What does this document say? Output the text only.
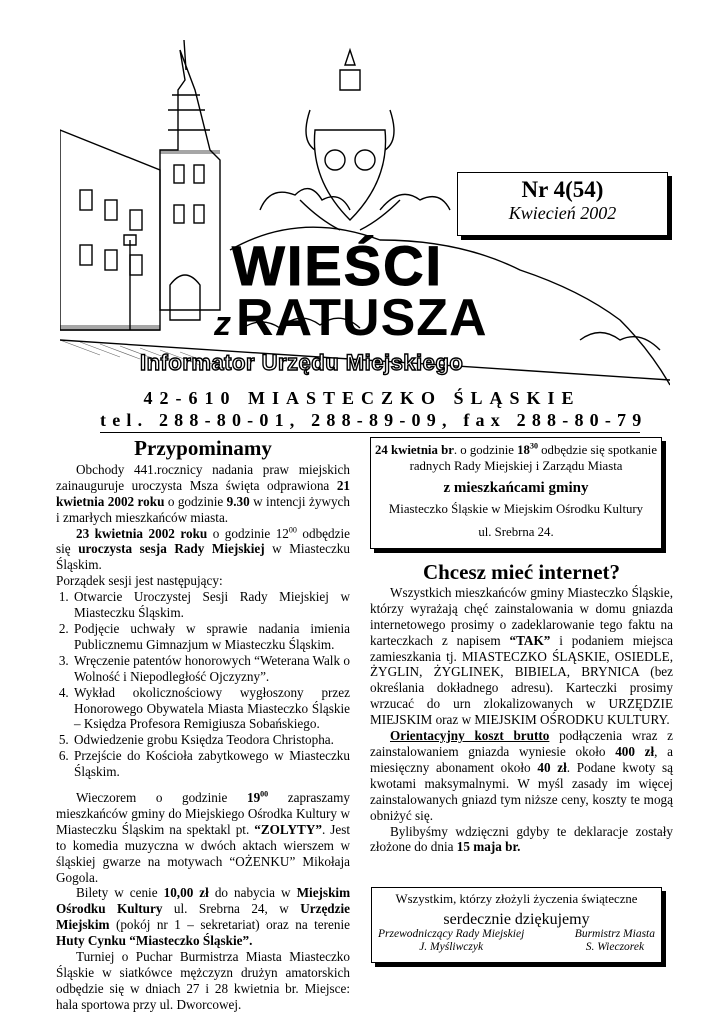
Nr 4(54)
Kwiecień 2002
WIEŚCI
zRATUSZA
Informator Urzędu Miejskiego
42-610 MIASTECZKO ŚLĄSKIE
tel. 288-80-01, 288-89-09, fax 288-80-79
Przypominamy

Obchody 441.rocznicy nadania praw miejskich zainauguruje uroczysta Msza święta odprawiona 21 kwietnia 2002 roku o godzinie 9.30 w intencji żywych i zmarłych mieszkańców miasta.

23 kwietnia 2002 roku o godzinie $12^{00}$ odbędzie się uroczysta sesja Rady Miejskiej w Miasteczku Śląskim.

Porządek sesji jest następujący:

1. Otwarcie Uroczystej Sesji Rady Miejskiej w Miasteczku Śląskim.
2. Podjęcie uchwały w sprawie nadania imienia Publicznemu Gimnazjum w Miasteczku Śląskim.
3. Wręczenie patentów honorowych “Weterana Walk o Wolność i Niepodległość Ojczyzny”.
4. Wykład okolicznościowy wygłoszony przez Honorowego Obywatela Miasta Miasteczko Śląskie – Księdza Profesora Remigiusza Sobańskiego.
5. Odwiedzenie grobu Księdza Teodora Christopha.
6. Przejście do Kościoła zabytkowego w Miasteczku Śląskim.

Wieczorem o godzinie $19^{00}$ zapraszamy mieszkańców gminy do Miejskiego Ośrodka Kultury w Miasteczku Śląskim na spektakl pt. “ZOLYTY”. Jest to komedia muzyczna w dwóch aktach wierszem w śląskiej gwarze na motywach “OŻENKU” Mikołaja Gogola.

Bilety w cenie 10,00 zł do nabycia w Miejskim Ośrodku Kultury ul. Srebrna 24, w Urzędzie Miejskim (pokój nr 1 – sekretariat) oraz na terenie Huty Cynku “Miasteczko Śląskie”.

Turniej o Puchar Burmistrza Miasta Miasteczko Śląskie w siatkówce mężczyzn drużyn amatorskich odbędzie się w dniach 27 i 28 kwietnia br. Miejsce: hala sportowa przy ul. Dworcowej.

24 kwietnia br. o godzinie $18^{30}$ odbędzie się spotkanie radnych Rady Miejskiej i Zarządu Miasta
z mieszkańcami gminy
Miasteczko Śląskie w Miejskim Ośrodku Kultury
ul. Srebrna 24.
Chcesz mieć internet?

Wszystkich mieszkańców gminy Miasteczko Śląskie, którzy wyrażają chęć zainstalowania w domu gniazda internetowego prosimy o zadeklarowanie tego faktu na karteczkach z napisem “TAK” i podaniem miejsca zamieszkania tj. MIASTECZKO ŚLĄSKIE, OSIEDLE, ŻYGLIN, ŻYGLINEK, BIBIELA, BRYNICA (bez określania dokładnego adresu). Karteczki prosimy wrzucać do urn zlokalizowanych w URZĘDZIE MIEJSKIM oraz w MIEJSKIM OŚRODKU KULTURY.

Orientacyjny koszt brutto podłączenia wraz z zainstalowaniem gniazda wyniesie około 400 zł, a miesięczny abonament około 40 zł. Podane kwoty są kwotami maksymalnymi. W myśl zasady im więcej zainstalowanych gniazd tym niższe ceny, koszty te mogą obniżyć się.

Bylibyśmy wdzięczni gdyby te deklaracje zostały złożone do dnia 15 maja br.

Wszystkim, którzy złożyli życzenia świąteczne
serdecznie dziękujemy
Przewodniczący Rady Miejskiej
J. Myśliwczyk
Burmistrz Miasta
S. Wieczorek
